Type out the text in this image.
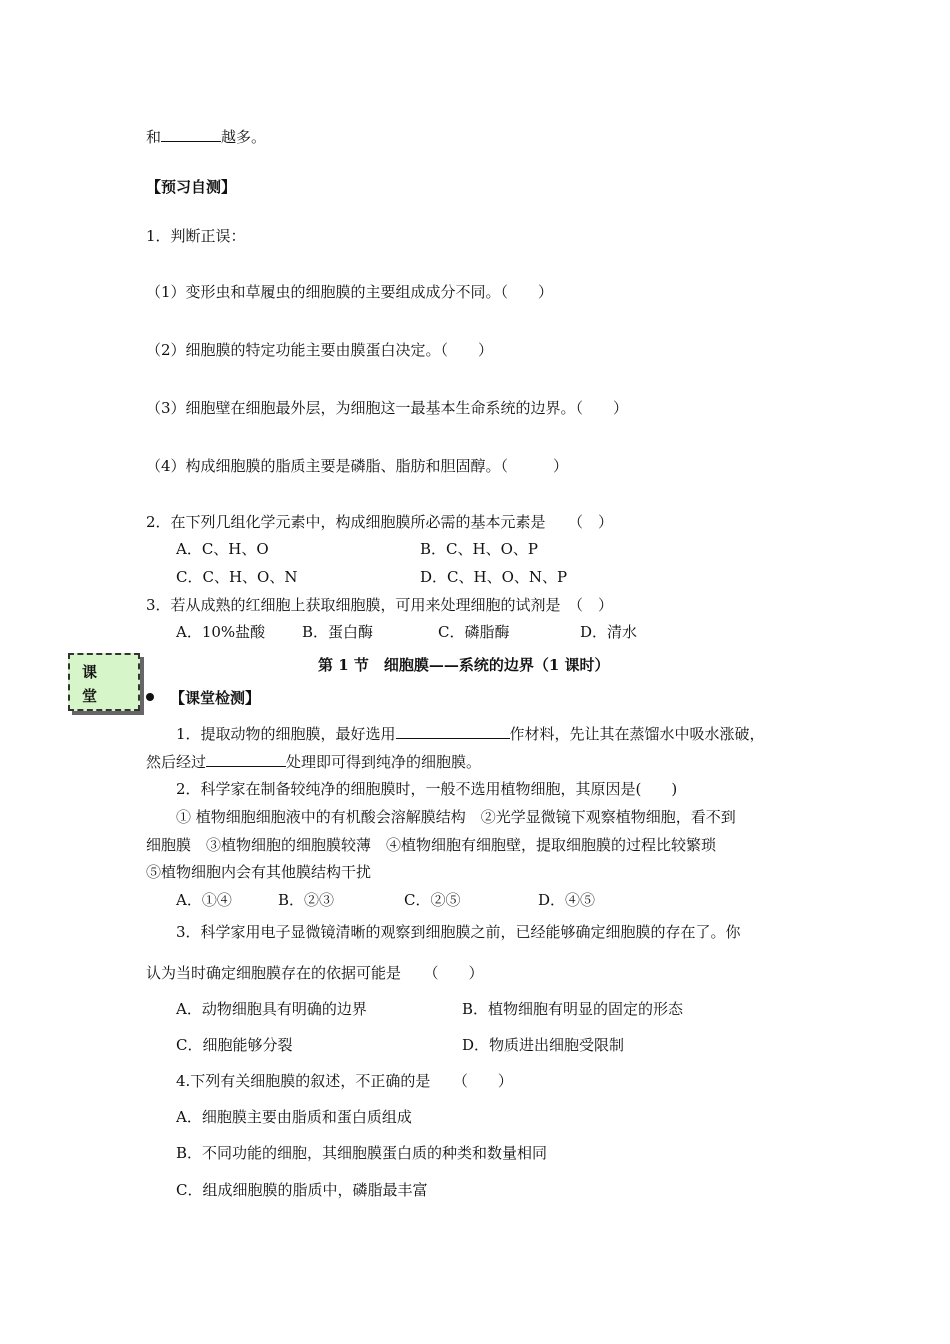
和	越多。
【预习自测】
1．判断正误：
（1）变形虫和草履虫的细胞膜的主要组成成分不同。（　　）
（2）细胞膜的特定功能主要由膜蛋白决定。（　　）
（3）细胞壁在细胞最外层，为细胞这一最基本生命系统的边界。（　　）
（4）构成细胞膜的脂质主要是磷脂、脂肪和胆固醇。（　　　）
2．在下列几组化学元素中，构成细胞膜所必需的基本元素是　　（　）
A．C、H、O	B．C、H、O、P
C．C、H、O、N	D．C、H、O、N、P
3．若从成熟的红细胞上获取细胞膜，可用来处理细胞的试剂是　（　）
A．10%盐酸 B．蛋白酶	C．磷脂酶	D．清水
课
堂
第 1 节　细胞膜——系统的边界（1 课时）
【课堂检测】
1．提取动物的细胞膜，最好选用	作材料，先让其在蒸馏水中吸水涨破，
然后经过	处理即可得到纯净的细胞膜。
2．科学家在制备较纯净的细胞膜时，一般不选用植物细胞，其原因是(　　)
① 植物细胞细胞液中的有机酸会溶解膜结构　②光学显微镜下观察植物细胞，看不到
细胞膜　③植物细胞的细胞膜较薄　④植物细胞有细胞壁，提取细胞膜的过程比较繁琐
⑤植物细胞内会有其他膜结构干扰
A．①④	B．②③	C．②⑤	D．④⑤
3．科学家用电子显微镜清晰的观察到细胞膜之前，已经能够确定细胞膜的存在了。你
认为当时确定细胞膜存在的依据可能是　　（　　）
A．动物细胞具有明确的边界	B．植物细胞有明显的固定的形态
C．细胞能够分裂	D．物质进出细胞受限制
4.下列有关细胞膜的叙述，不正确的是　　（　　）
A．细胞膜主要由脂质和蛋白质组成
B．不同功能的细胞，其细胞膜蛋白质的种类和数量相同
C．组成细胞膜的脂质中，磷脂最丰富
